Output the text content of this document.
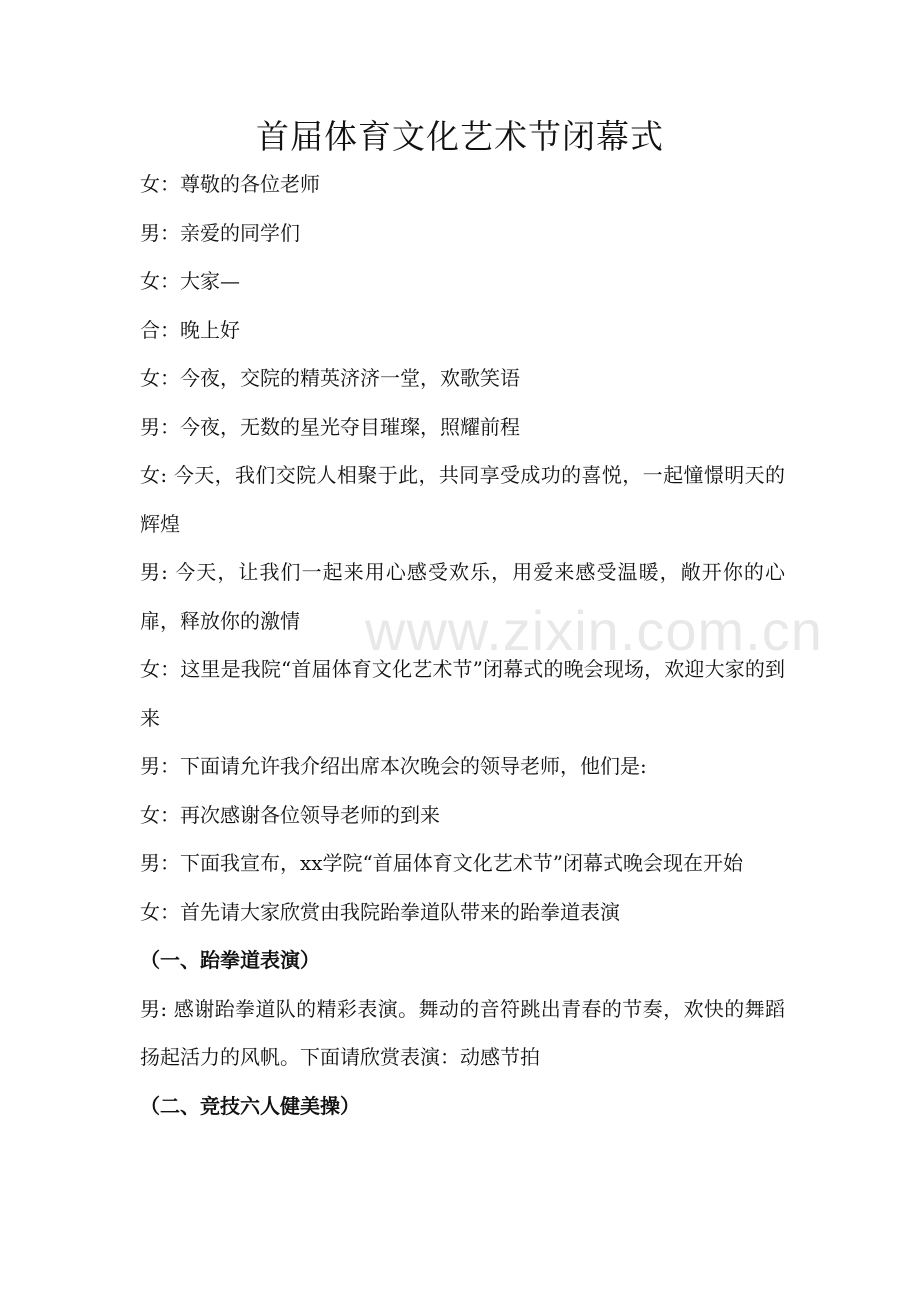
首届体育文化艺术节闭幕式

女：尊敬的各位老师

男：亲爱的同学们

女：大家—

合：晚上好

女：今夜，交院的精英济济一堂，欢歌笑语

男：今夜，无数的星光夺目璀璨，照耀前程

女: 今天，我们交院人相聚于此，共同享受成功的喜悦，一起憧憬明天的辉煌

男: 今天，让我们一起来用心感受欢乐，用爱来感受温暖，敞开你的心扉，释放你的激情

女：这里是我院“首届体育文化艺术节”闭幕式的晚会现场，欢迎大家的到来

男：下面请允许我介绍出席本次晚会的领导老师，他们是:

女：再次感谢各位领导老师的到来

男：下面我宣布，xx学院“首届体育文化艺术节”闭幕式晚会现在开始

女：首先请大家欣赏由我院跆拳道队带来的跆拳道表演

（一、跆拳道表演）

男: 感谢跆拳道队的精彩表演。舞动的音符跳出青春的节奏，欢快的舞蹈扬起活力的风帆。下面请欣赏表演：动感节拍

（二、竞技六人健美操）

www.zixin.com.cn
